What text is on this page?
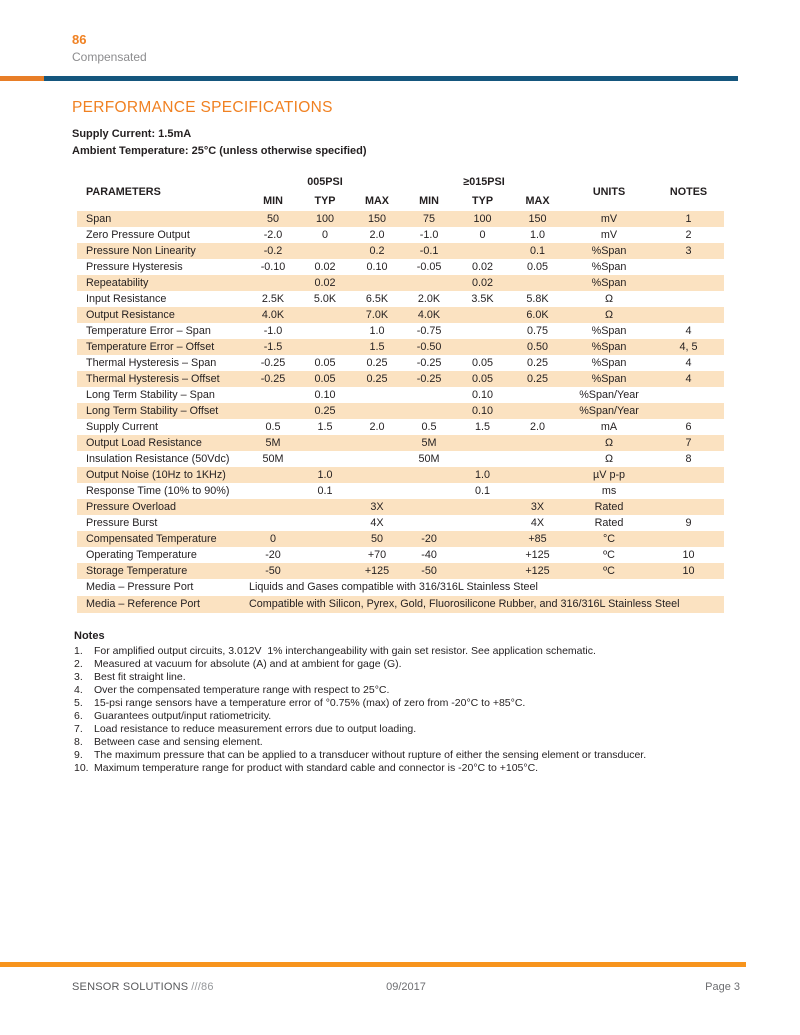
86
Compensated
PERFORMANCE SPECIFICATIONS
Supply Current: 1.5mA
Ambient Temperature: 25°C (unless otherwise specified)
PARAMETERS	005PSI			≥015PSI			UNITS	NOTES
	MIN	TYP	MAX	MIN	TYP	MAX		
Span	50	100	150	75	100	150	mV	1
Zero Pressure Output	-2.0	0	2.0	-1.0	0	1.0	mV	2
Pressure Non Linearity	-0.2		0.2	-0.1		0.1	%Span	3
Pressure Hysteresis	-0.10	0.02	0.10	-0.05	0.02	0.05	%Span	
Repeatability		0.02			0.02		%Span	
Input Resistance	2.5K	5.0K	6.5K	2.0K	3.5K	5.8K	Ω	
Output Resistance	4.0K		7.0K	4.0K		6.0K	Ω	
Temperature Error – Span	-1.0		1.0	-0.75		0.75	%Span	4
Temperature Error – Offset	-1.5		1.5	-0.50		0.50	%Span	4, 5
Thermal Hysteresis – Span	-0.25	0.05	0.25	-0.25	0.05	0.25	%Span	4
Thermal Hysteresis – Offset	-0.25	0.05	0.25	-0.25	0.05	0.25	%Span	4
Long Term Stability – Span		0.10			0.10		%Span/Year	
Long Term Stability – Offset		0.25			0.10		%Span/Year	
Supply Current	0.5	1.5	2.0	0.5	1.5	2.0	mA	6
Output Load Resistance	5M			5M			Ω	7
Insulation Resistance (50Vdc)	50M			50M			Ω	8
Output Noise (10Hz to 1KHz)		1.0			1.0		µV p-p	
Response Time (10% to 90%)		0.1			0.1		ms	
Pressure Overload			3X			3X	Rated	
Pressure Burst			4X			4X	Rated	9
Compensated Temperature	0		50	-20		+85	°C	
Operating Temperature	-20		+70	-40		+125	ºC	10
Storage Temperature	-50		+125	-50		+125	ºC	10
Media – Pressure Port	Liquids and Gases compatible with 316/316L Stainless Steel							
Media – Reference Port	Compatible with Silicon, Pyrex, Gold, Fluorosilicone Rubber, and 316/316L Stainless Steel							
Notes
1.	For amplified output circuits, 3.012V  1% interchangeability with gain set resistor. See application schematic.
2.	Measured at vacuum for absolute (A) and at ambient for gage (G).
3.	Best fit straight line.
4.	Over the compensated temperature range with respect to 25°C.
5.	15-psi range sensors have a temperature error of °0.75% (max) of zero from -20°C to +85°C.
6.	Guarantees output/input ratiometricity.
7.	Load resistance to reduce measurement errors due to output loading.
8.	Between case and sensing element.
9.	The maximum pressure that can be applied to a transducer without rupture of either the sensing element or transducer.
10. Maximum temperature range for product with standard cable and connector is -20°C to +105°C.
SENSOR SOLUTIONS ///86	09/2017	Page 3
